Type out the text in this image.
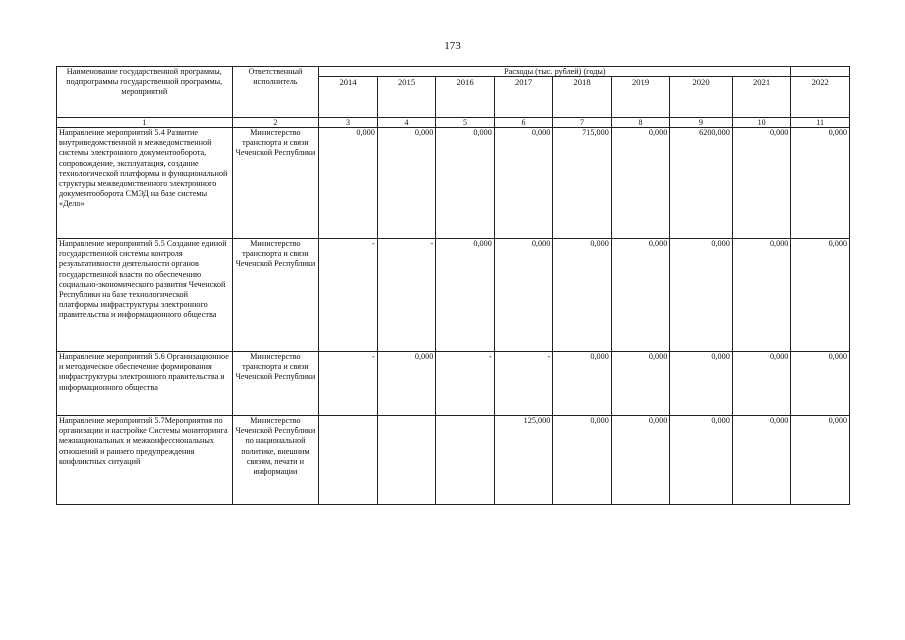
173
Наименование государственной программы, подпрограммы государственной программы, мероприятий	Ответственный исполнитель	Расходы (тыс. рублей) (годы)								
		2014	2015	2016	2017	2018	2019	2020	2021	2022
1	2	3	4	5	6	7	8	9	10	11
Направление мероприятий 5.4 Развитие внутриведомственной и межведомственной системы электронного документооборота, сопровождение, эксплуатация, создание технологической платформы и функциональной структуры межведомственного электронного документооборота СМЭД на базе системы «Дело»	Министерство транспорта и связи Чеченской Республики	0,000	0,000	0,000	0,000	715,000	0,000	6200,000	0,000	0,000
Направление мероприятий 5.5 Создание единой государственной системы контроля результативности деятельности органов государственной власти по обеспечению социально-экономического развития Чеченской Республики на базе технологической платформы инфраструктуры электронного правительства и информационного общества	Министерство транспорта и связи Чеченской Республики	-	-	0,000	0,000	0,000	0,000	0,000	0,000	0,000
Направление мероприятий 5.6 Организационное и методическое обеспечение формирования инфраструктуры электронного правительства и информационного общества	Министерство транспорта и связи Чеченской Республики	-	0,000	-	-	0,000	0,000	0,000	0,000	0,000
Направление мероприятий 5.7Мероприятия по организации и настройке Системы мониторинга межнациональных и межконфессиональных отношений и раннего предупреждения конфликтных ситуаций	Министерство Чеченской Республики по национальной политике, внешним связям, печати и информации				125,000	0,000	0,000	0,000	0,000	0,000
